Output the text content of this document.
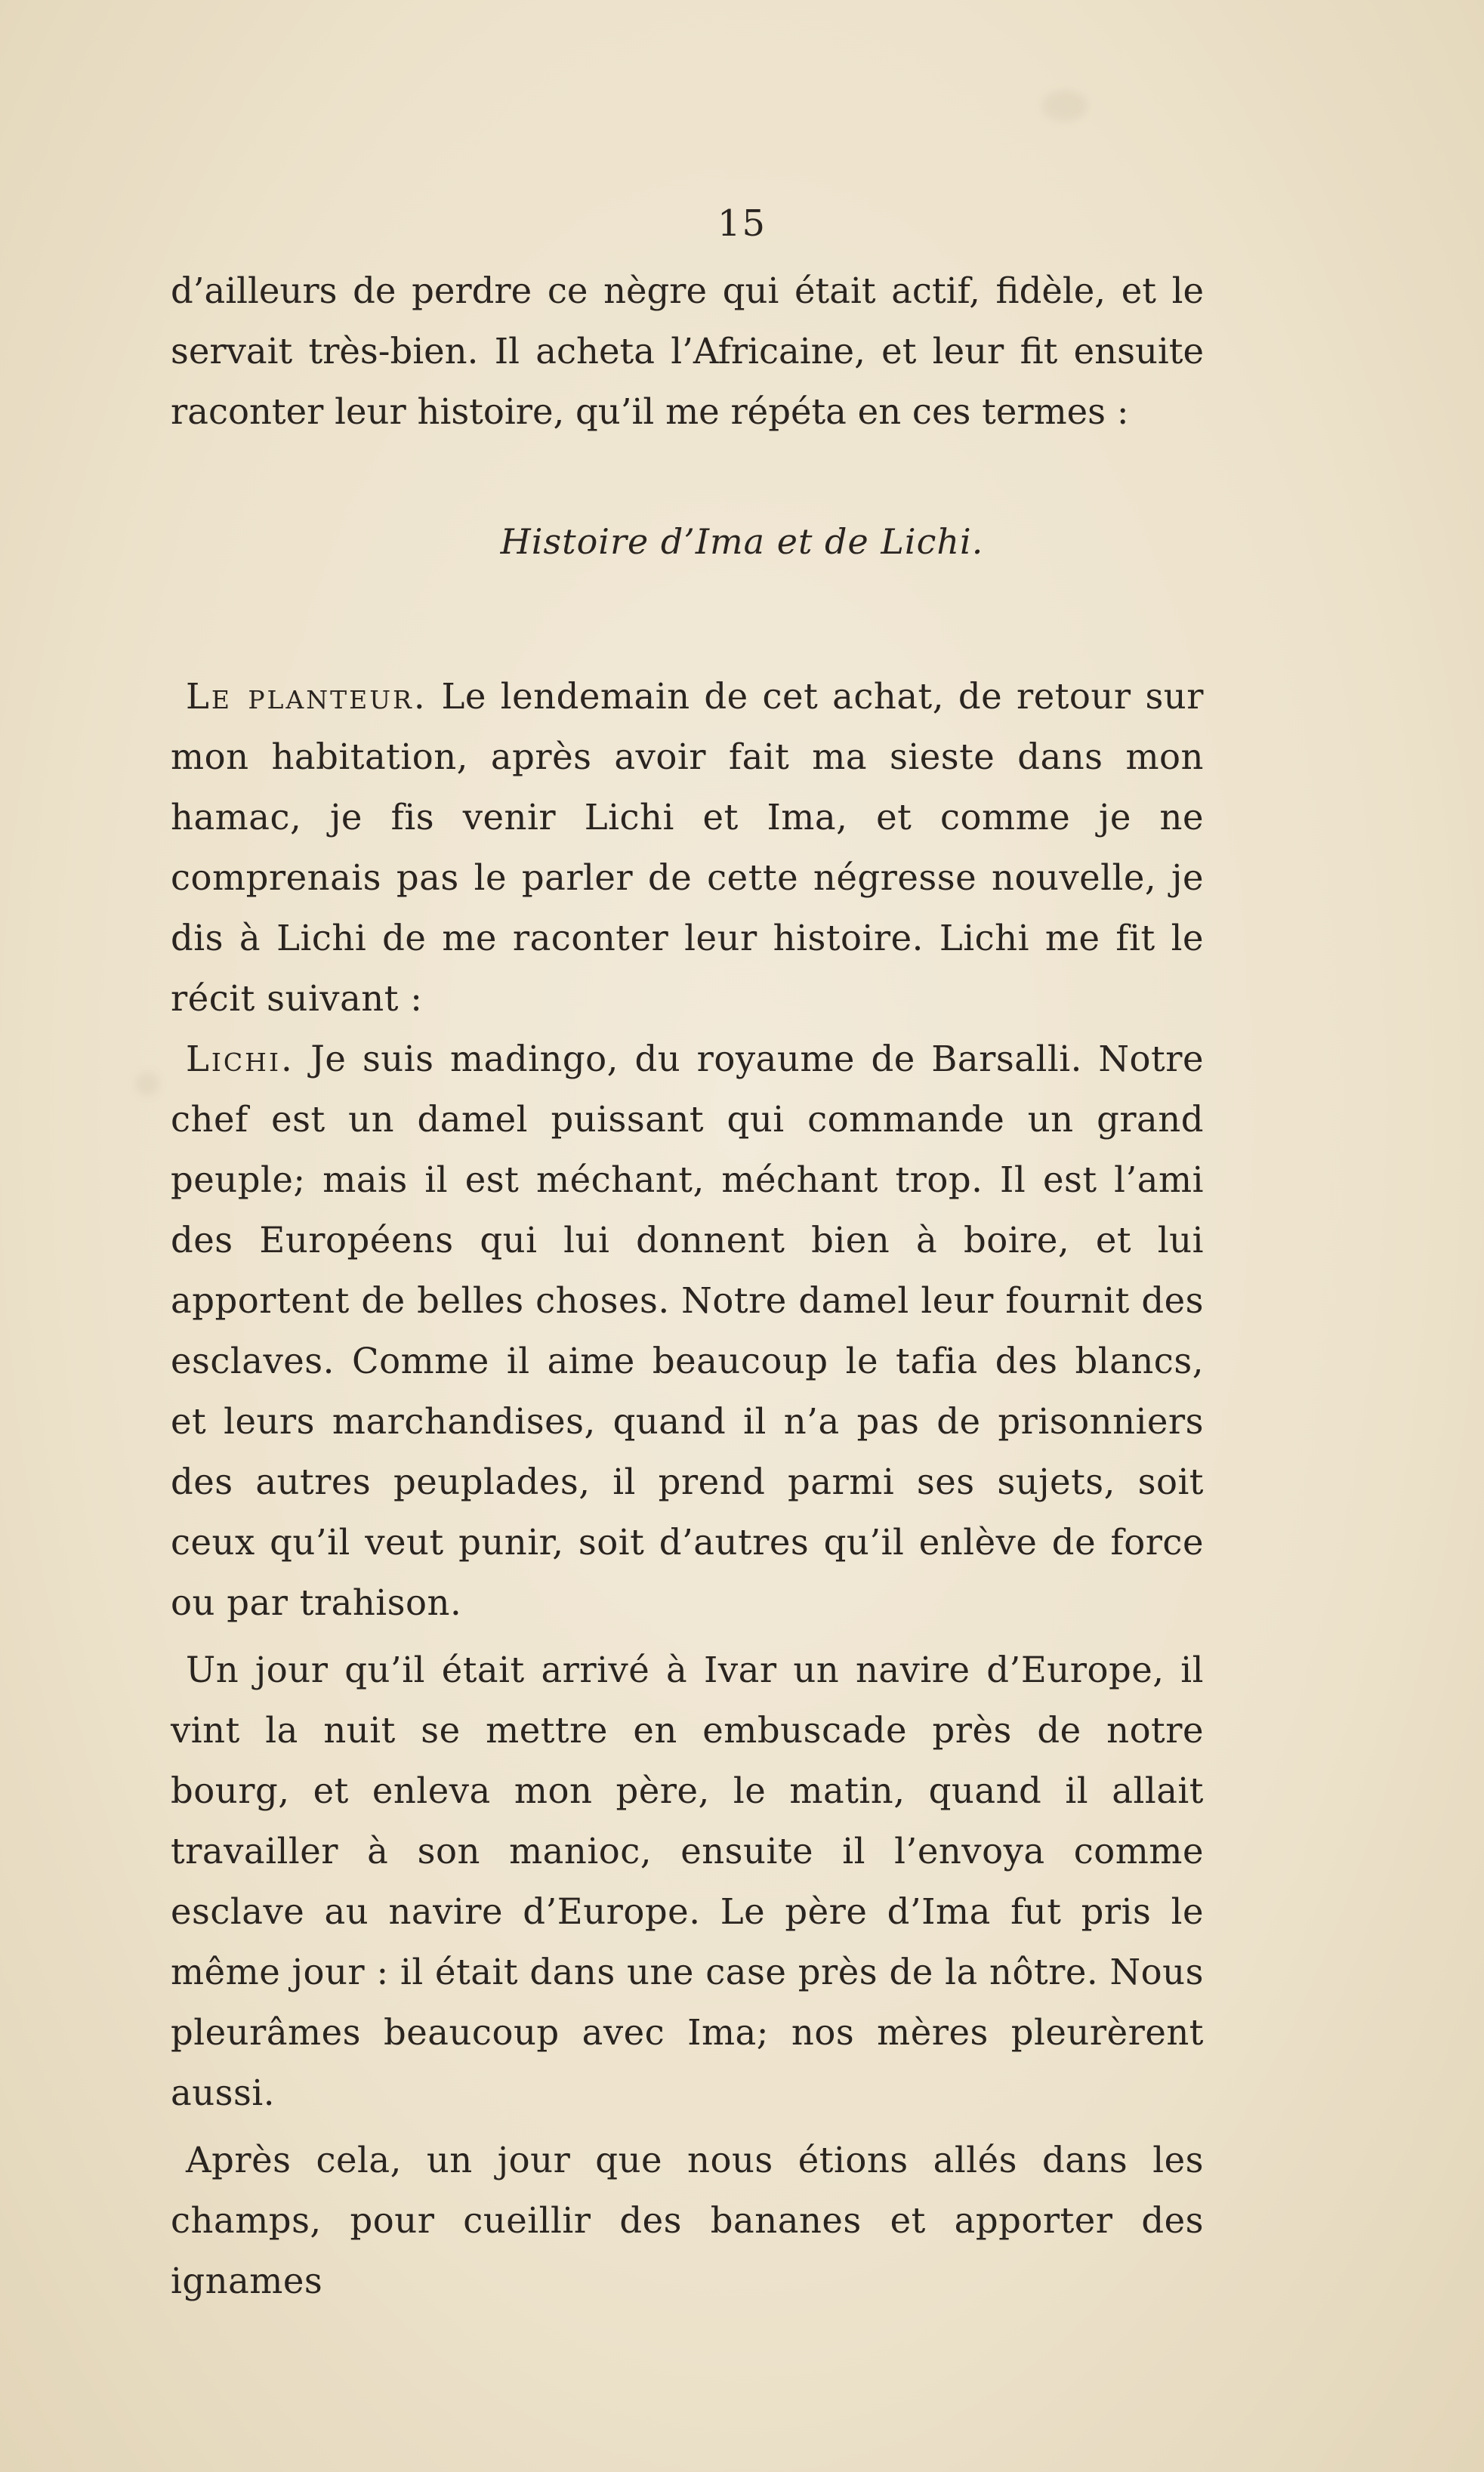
15
d’ailleurs de perdre ce nègre qui était actif, fidèle, et le servait très-bien. Il acheta l’Africaine, et leur fit ensuite raconter leur histoire, qu’il me répéta en ces termes :
Histoire d’Ima et de Lichi.

Le planteur. Le lendemain de cet achat, de retour sur mon habitation, après avoir fait ma sieste dans mon hamac, je fis venir Lichi et Ima, et comme je ne comprenais pas le parler de cette négresse nouvelle, je dis à Lichi de me raconter leur histoire. Lichi me fit le récit suivant :

Lichi. Je suis madingo, du royaume de Barsalli. Notre chef est un damel puissant qui commande un grand peuple; mais il est méchant, méchant trop. Il est l’ami des Européens qui lui donnent bien à boire, et lui apportent de belles choses. Notre damel leur fournit des esclaves. Comme il aime beaucoup le tafia des blancs, et leurs marchandises, quand il n’a pas de prisonniers des autres peuplades, il prend parmi ses sujets, soit ceux qu’il veut punir, soit d’autres qu’il enlève de force ou par trahison.

Un jour qu’il était arrivé à Ivar un navire d’Europe, il vint la nuit se mettre en embuscade près de notre bourg, et enleva mon père, le matin, quand il allait travailler à son manioc, ensuite il l’envoya comme esclave au navire d’Europe. Le père d’Ima fut pris le même jour : il était dans une case près de la nôtre. Nous pleurâmes beaucoup avec Ima; nos mères pleurèrent aussi.

Après cela, un jour que nous étions allés dans les champs, pour cueillir des bananes et apporter des ignames
